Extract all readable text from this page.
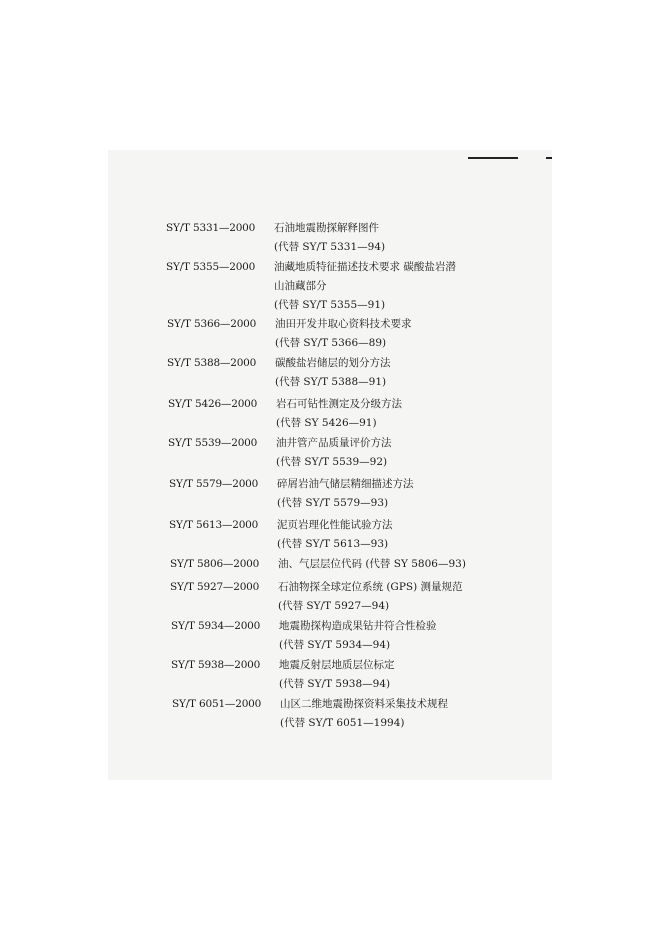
SY/T 5331—2000	石油地震勘探解释图件
(代替 SY/T 5331—94)
SY/T 5355—2000	油藏地质特征描述技术要求 碳酸盐岩潜
山油藏部分
(代替 SY/T 5355—91)
SY/T 5366—2000	油田开发井取心资料技术要求
(代替 SY/T 5366—89)
SY/T 5388—2000	碳酸盐岩储层的划分方法
(代替 SY/T 5388—91)
SY/T 5426—2000	岩石可钻性测定及分级方法
(代替 SY 5426—91)
SY/T 5539—2000	油井管产品质量评价方法
(代替 SY/T 5539—92)
SY/T 5579—2000	碎屑岩油气储层精细描述方法
(代替 SY/T 5579—93)
SY/T 5613—2000	泥页岩理化性能试验方法
(代替 SY/T 5613—93)
SY/T 5806—2000	油、气层层位代码 (代替 SY 5806—93)
SY/T 5927—2000	石油物探全球定位系统 (GPS) 测量规范
(代替 SY/T 5927—94)
SY/T 5934—2000	地震勘探构造成果钻井符合性检验
(代替 SY/T 5934—94)
SY/T 5938—2000	地震反射层地质层位标定
(代替 SY/T 5938—94)
SY/T 6051—2000	山区二维地震勘探资料采集技术规程
(代替 SY/T 6051—1994)
